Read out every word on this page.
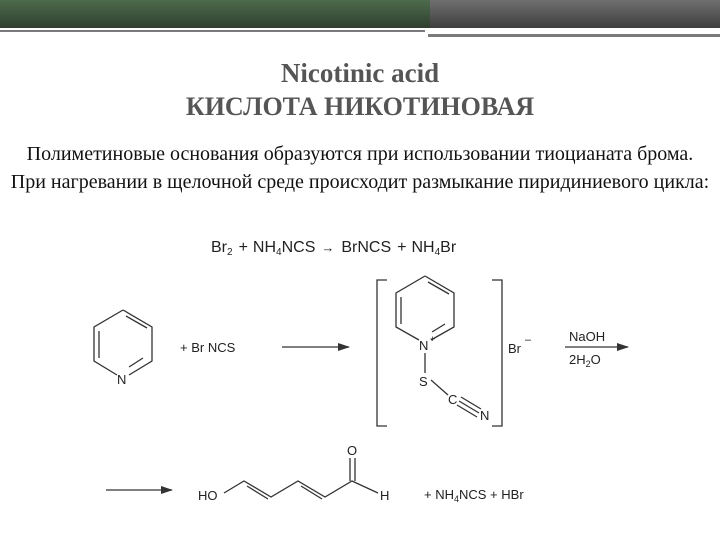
Nicotinic acid
КИСЛОТА НИКОТИНОВАЯ
Полиметиновые основания образуются при использовании тиоцианата брома. При нагревании в щелочной среде происходит размыкание пиридиниевого цикла:
Br2 + NH4NCS → BrNCS + NH4Br
N
+ Br NCS	N +
S
C
N
Br
–	NaOH
$2H_2O$
HO	H
O
+ $NH_4NCS$ + HBr
